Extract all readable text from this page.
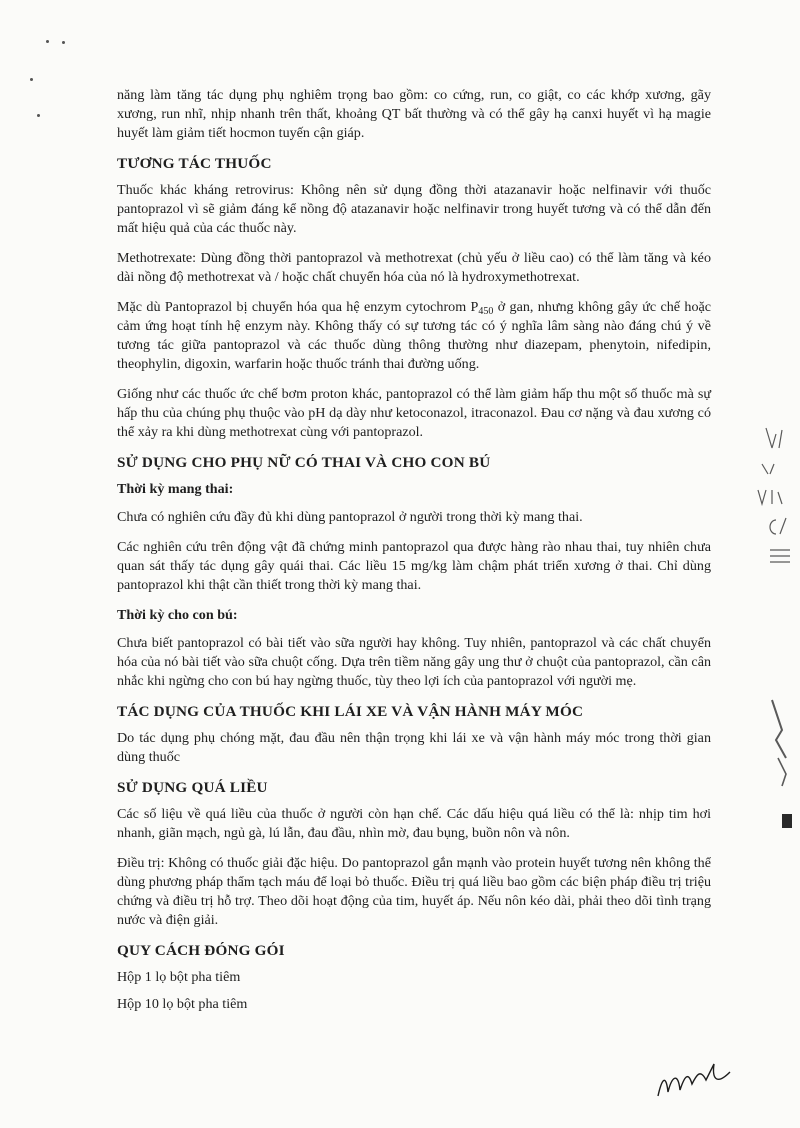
năng làm tăng tác dụng phụ nghiêm trọng bao gồm: co cứng, run, co giật, co các khớp xương, gãy xương, run nhĩ, nhịp nhanh trên thất, khoảng QT bất thường và có thể gây hạ canxi huyết vì hạ magie huyết làm giảm tiết hocmon tuyến cận giáp.

TƯƠNG TÁC THUỐC

Thuốc khác kháng retrovirus: Không nên sử dụng đồng thời atazanavir hoặc nelfinavir với thuốc pantoprazol vì sẽ giảm đáng kể nồng độ atazanavir hoặc nelfinavir trong huyết tương và có thể dẫn đến mất hiệu quả của các thuốc này.

Methotrexate: Dùng đồng thời pantoprazol và methotrexat (chủ yếu ở liều cao) có thể làm tăng và kéo dài nồng độ methotrexat và / hoặc chất chuyển hóa của nó là hydroxymethotrexat.

Mặc dù Pantoprazol bị chuyển hóa qua hệ enzym cytochrom $P_{450}$ ở gan, nhưng không gây ức chế hoặc cảm ứng hoạt tính hệ enzym này. Không thấy có sự tương tác có ý nghĩa lâm sàng nào đáng chú ý về tương tác giữa pantoprazol và các thuốc dùng thông thường như diazepam, phenytoin, nifedipin, theophylin, digoxin, warfarin hoặc thuốc tránh thai đường uống.

Giống như các thuốc ức chế bơm proton khác, pantoprazol có thể làm giảm hấp thu một số thuốc mà sự hấp thu của chúng phụ thuộc vào pH dạ dày như ketoconazol, itraconazol. Đau cơ nặng và đau xương có thể xảy ra khi dùng methotrexat cùng với pantoprazol.

SỬ DỤNG CHO PHỤ NỮ CÓ THAI VÀ CHO CON BÚ
Thời kỳ mang thai:

Chưa có nghiên cứu đầy đủ khi dùng pantoprazol ở người trong thời kỳ mang thai.

Các nghiên cứu trên động vật đã chứng minh pantoprazol qua được hàng rào nhau thai, tuy nhiên chưa quan sát thấy tác dụng gây quái thai. Các liều 15 mg/kg làm chậm phát triển xương ở thai. Chỉ dùng pantoprazol khi thật cần thiết trong thời kỳ mang thai.

Thời kỳ cho con bú:

Chưa biết pantoprazol có bài tiết vào sữa người hay không. Tuy nhiên, pantoprazol và các chất chuyển hóa của nó bài tiết vào sữa chuột cống. Dựa trên tiềm năng gây ung thư ở chuột của pantoprazol, cần cân nhắc khi ngừng cho con bú hay ngừng thuốc, tùy theo lợi ích của pantoprazol với người mẹ.

TÁC DỤNG CỦA THUỐC KHI LÁI XE VÀ VẬN HÀNH MÁY MÓC

Do tác dụng phụ chóng mặt, đau đầu nên thận trọng khi lái xe và vận hành máy móc trong thời gian dùng thuốc

SỬ DỤNG QUÁ LIỀU

Các số liệu về quá liều của thuốc ở người còn hạn chế. Các dấu hiệu quá liều có thể là: nhịp tim hơi nhanh, giãn mạch, ngủ gà, lú lẫn, đau đầu, nhìn mờ, đau bụng, buồn nôn và nôn.

Điều trị: Không có thuốc giải đặc hiệu. Do pantoprazol gắn mạnh vào protein huyết tương nên không thể dùng phương pháp thẩm tạch máu để loại bỏ thuốc. Điều trị quá liều bao gồm các biện pháp điều trị triệu chứng và điều trị hỗ trợ. Theo dõi hoạt động của tim, huyết áp. Nếu nôn kéo dài, phải theo dõi tình trạng nước và điện giải.

QUY CÁCH ĐÓNG GÓI

Hộp 1 lọ bột pha tiêm

Hộp 10 lọ bột pha tiêm
